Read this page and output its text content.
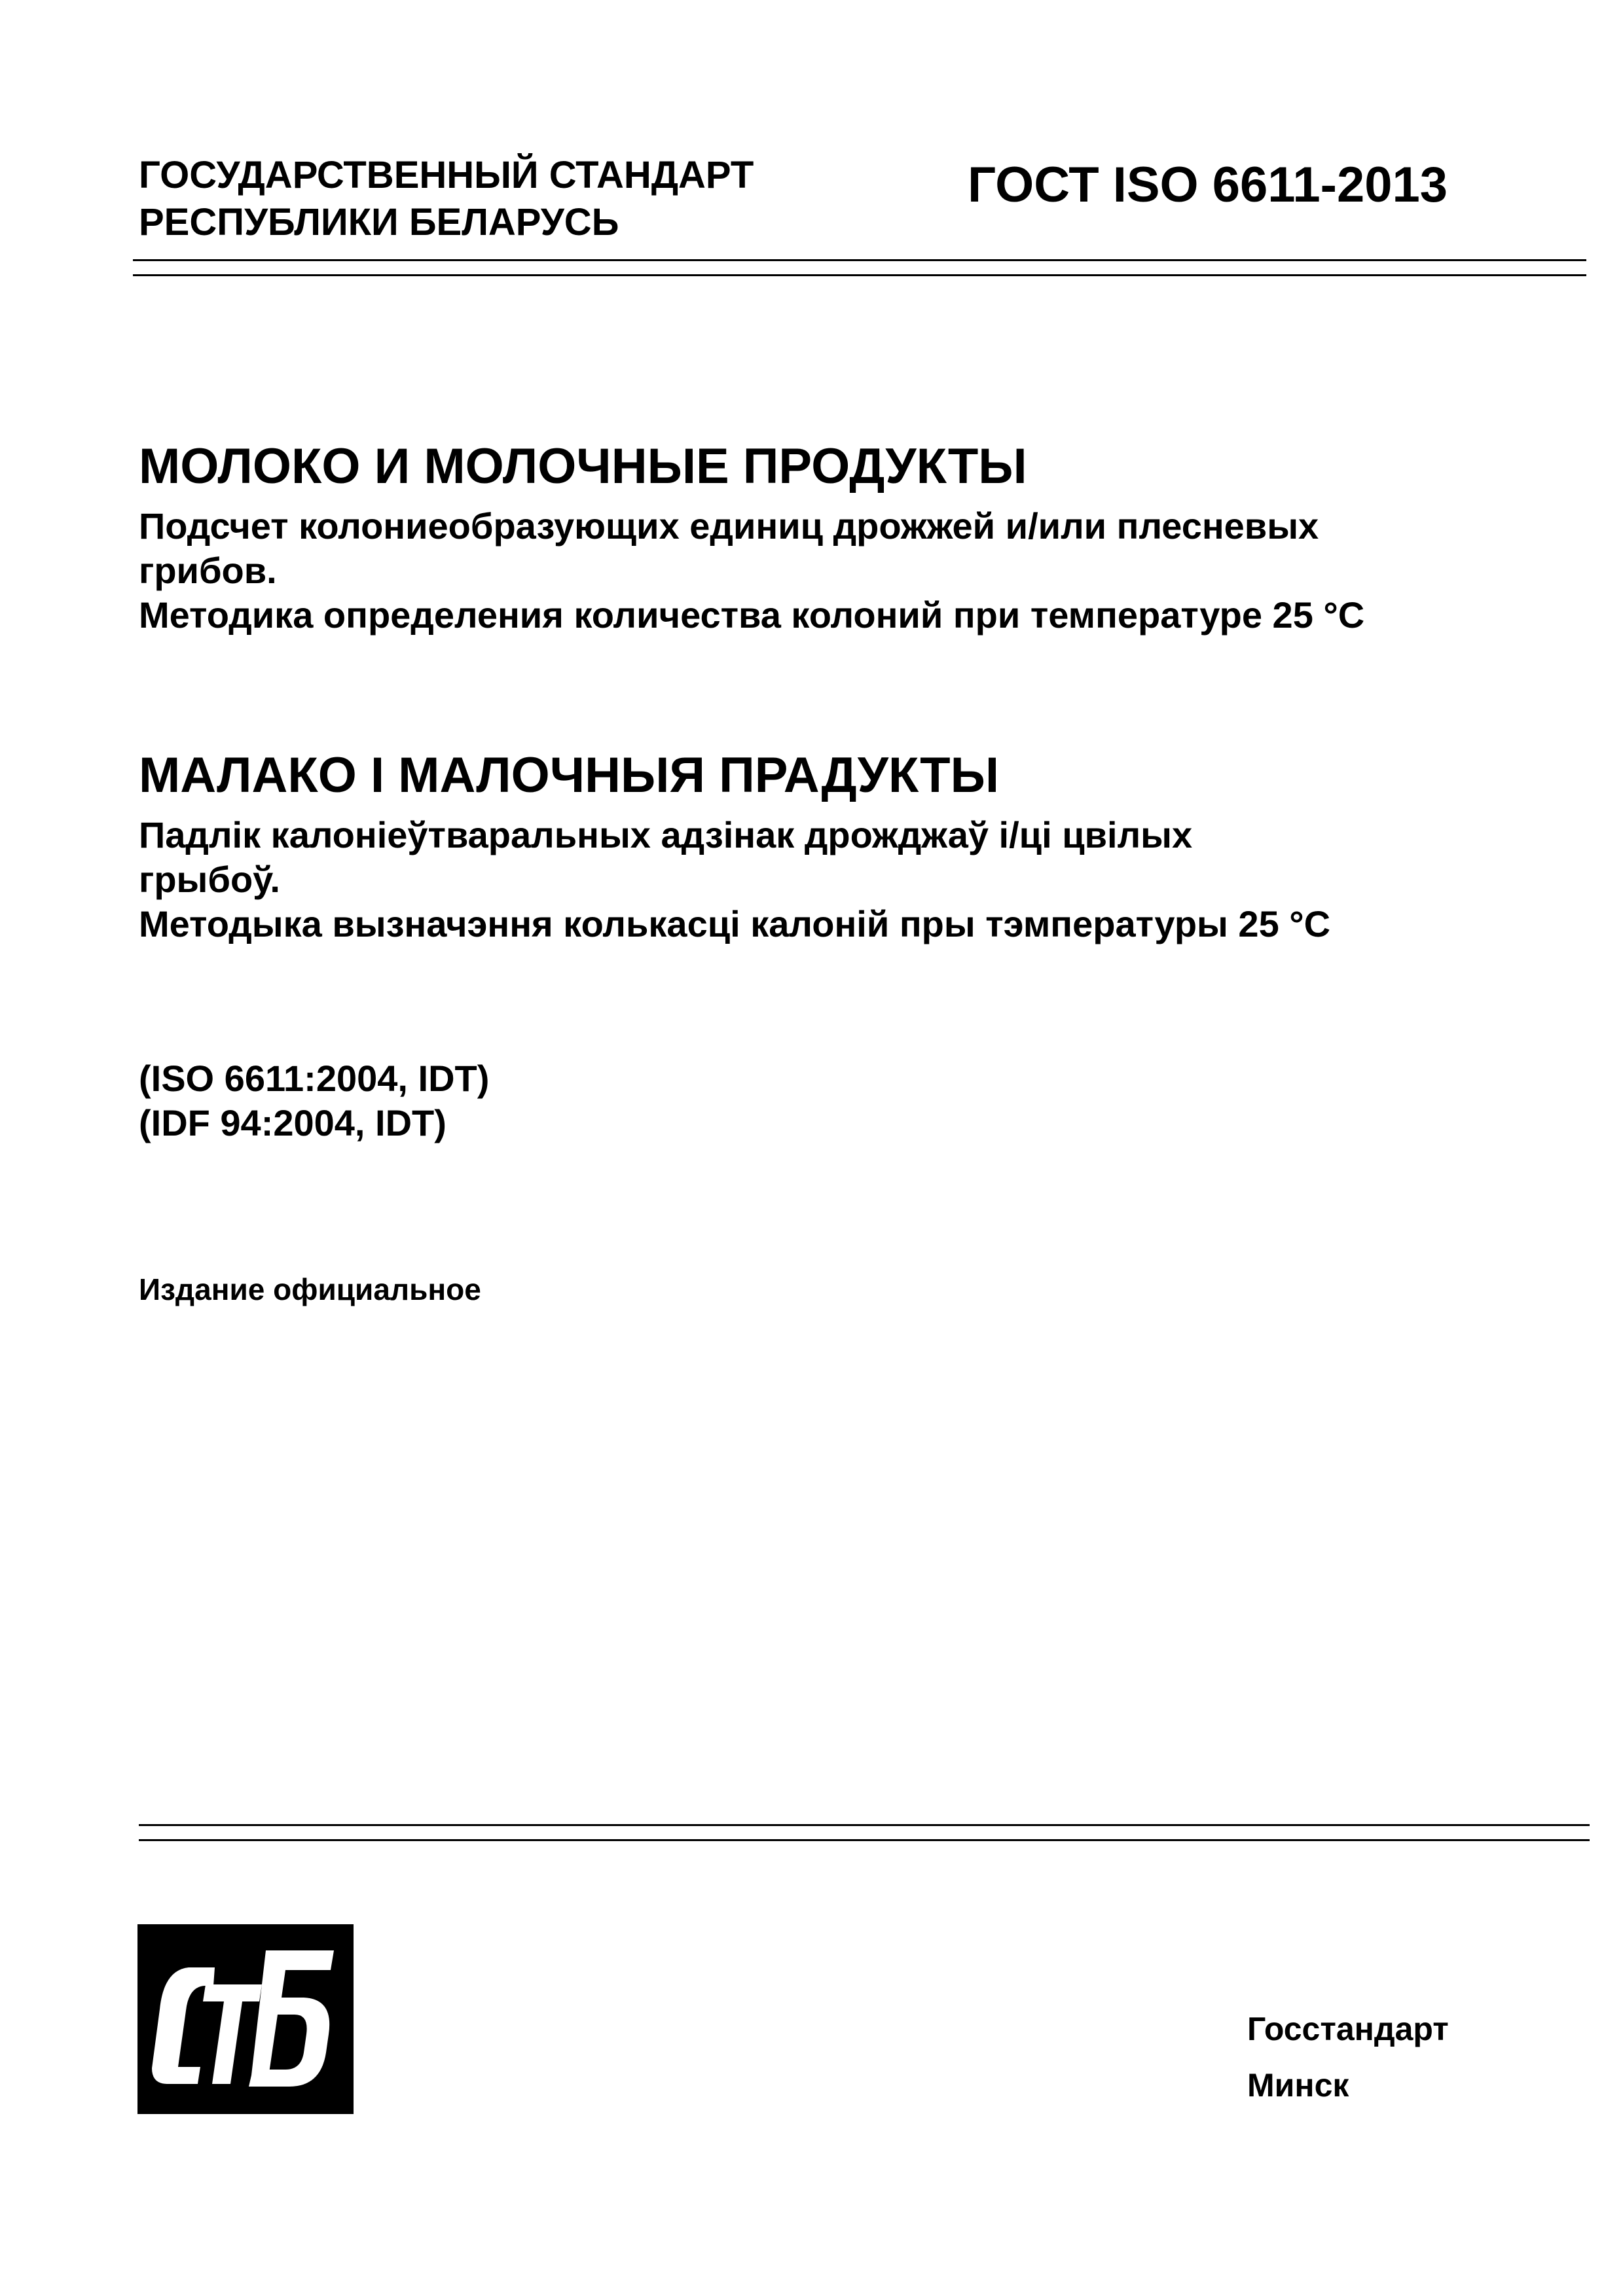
ГОСУДАРСТВЕННЫЙ СТАНДАРТ
РЕСПУБЛИКИ БЕЛАРУСЬ
ГОСТ ISO 6611-2013
МОЛОКО И МОЛОЧНЫЕ ПРОДУКТЫ
Подсчет колониеобразующих единиц дрожжей и/или плесневых
грибов.
Методика определения количества колоний при температуре 25 °С
МАЛАКО І МАЛОЧНЫЯ ПРАДУКТЫ
Падлік калонiеўтваральных адзінак дрожджаў і/ці цвілых
грыбоў.
Методыка вызначэння колькасці калоній пры тэмпературы 25 °С
(ISO 6611:2004, IDT)
(IDF 94:2004, IDT)
Издание официальное
Госстандарт
Минск
